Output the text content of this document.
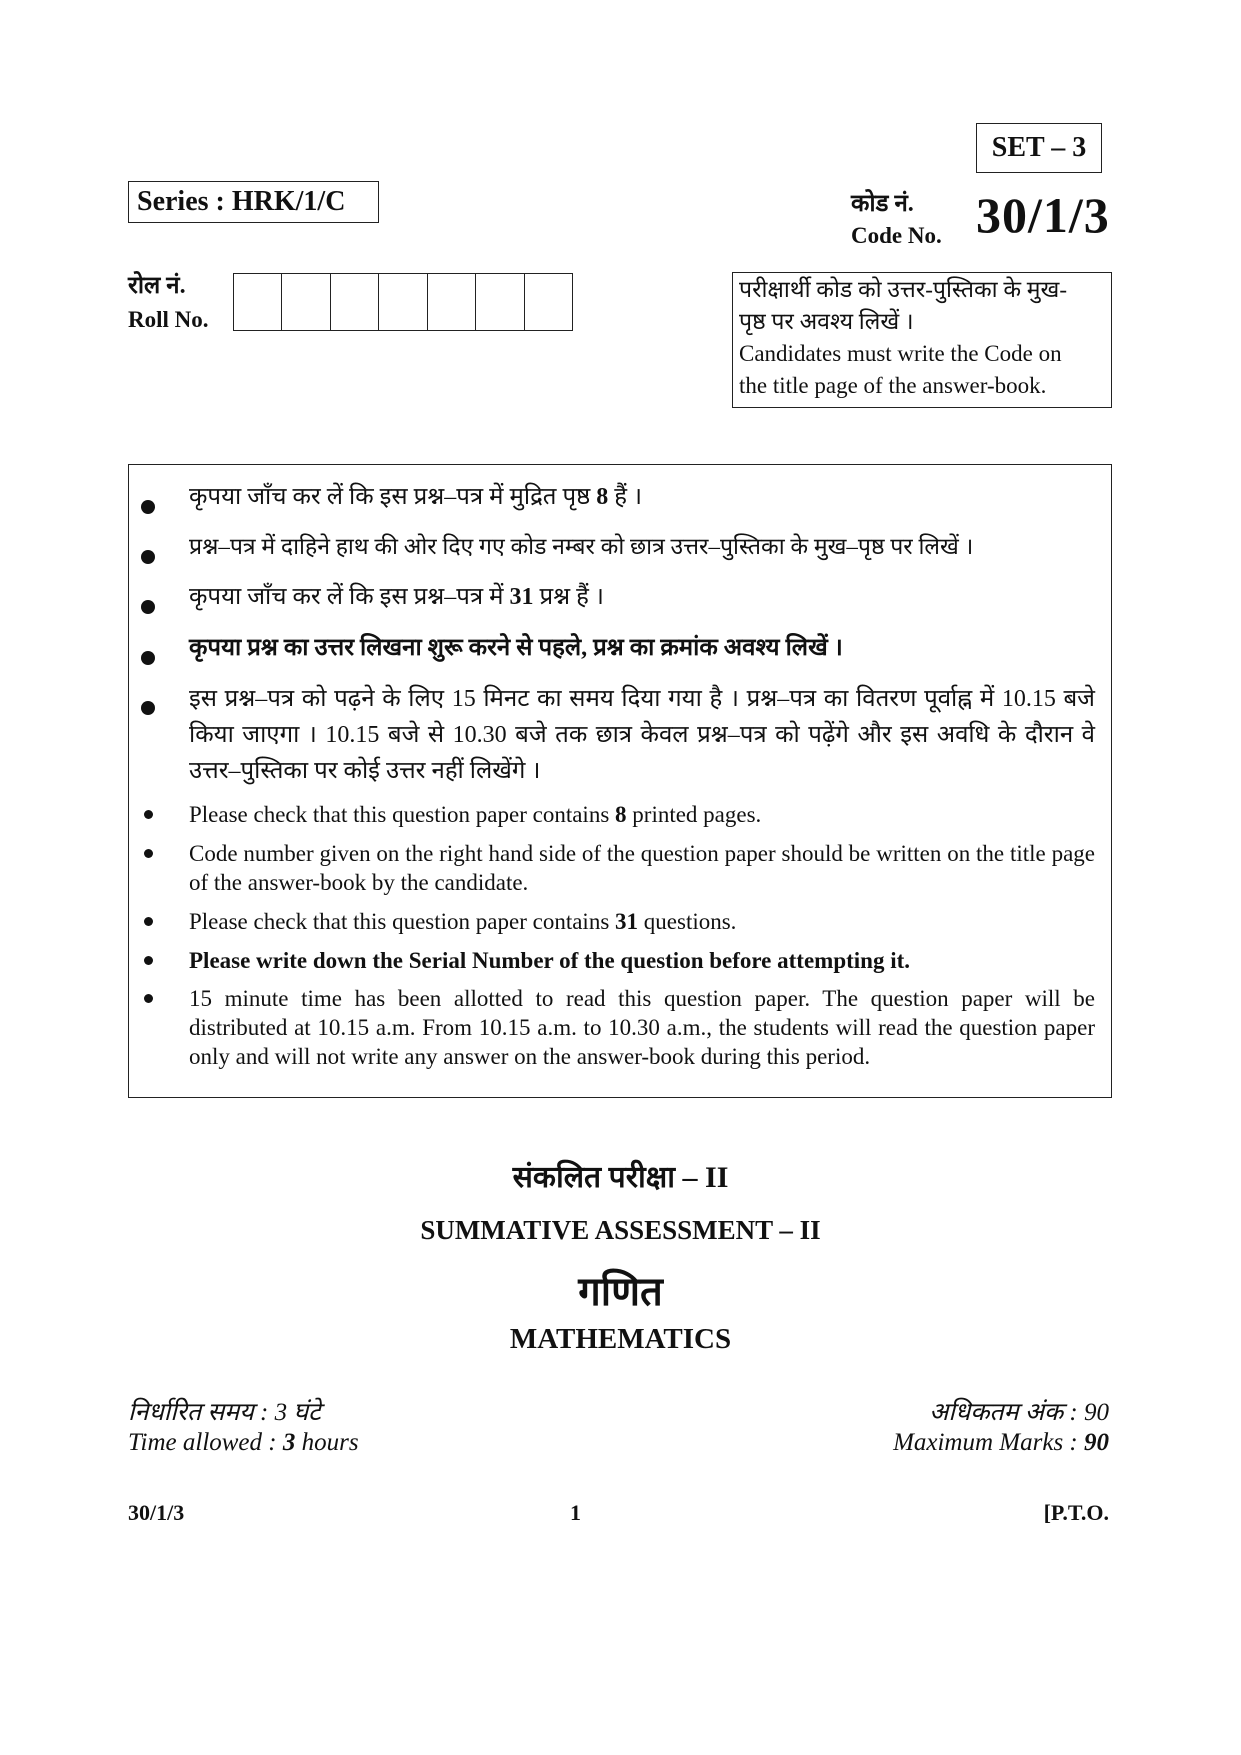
SET – 3
Series : HRK/1/C	कोड नं.
Code No. 30/1/3
रोल नं.
Roll No.
परीक्षार्थी कोड को उत्तर-पुस्तिका के मुख-
पृष्ठ पर अवश्य लिखें ।
Candidates must write the Code on
the title page of the answer-book.
कृपया जाँच कर लें कि इस प्रश्न–पत्र में मुद्रित पृष्ठ 8 हैं ।
प्रश्न–पत्र में दाहिने हाथ की ओर दिए गए कोड नम्बर को छात्र उत्तर–पुस्तिका के मुख–पृष्ठ पर लिखें ।
कृपया जाँच कर लें कि इस प्रश्न–पत्र में 31 प्रश्न हैं ।
कृपया प्रश्न का उत्तर लिखना शुरू करने से पहले, प्रश्न का क्रमांक अवश्य लिखें ।
इस प्रश्न–पत्र को पढ़ने के लिए 15 मिनट का समय दिया गया है । प्रश्न–पत्र का वितरण पूर्वाह्न में 10.15 बजे किया जाएगा । 10.15 बजे से 10.30 बजे तक छात्र केवल प्रश्न–पत्र को पढ़ेंगे और इस अवधि के दौरान वे उत्तर–पुस्तिका पर कोई उत्तर नहीं लिखेंगे ।
Please check that this question paper contains 8 printed pages.
Code number given on the right hand side of the question paper should be written on the title page of the answer-book by the candidate.
Please check that this question paper contains 31 questions.
Please write down the Serial Number of the question before attempting it.
15 minute time has been allotted to read this question paper. The question paper will be distributed at 10.15 a.m. From 10.15 a.m. to 10.30 a.m., the students will read the question paper only and will not write any answer on the answer-book during this period.
संकलित परीक्षा – II
SUMMATIVE ASSESSMENT – II
गणित
MATHEMATICS
निर्धारित समय : 3 घंटे
Time allowed : 3 hours
अधिकतम अंक : 90
Maximum Marks : 90
30/1/3	1	[P.T.O.
